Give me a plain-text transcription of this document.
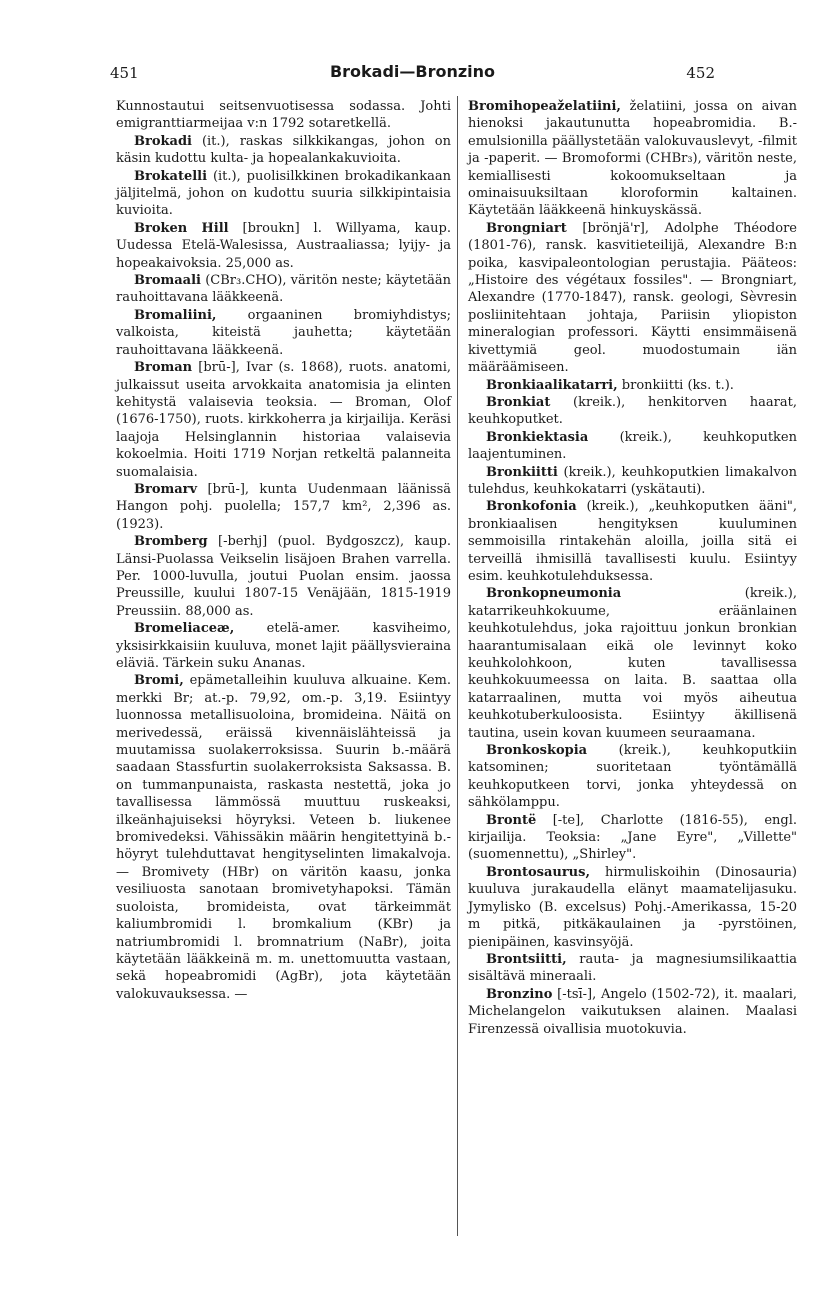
451	Brokadi—Bronzino	452

Kunnostautui seitsenvuotisessa sodassa. Johti emigranttiarmeijaa v:n 1792 sotaretkellä.

Brokadi (it.), raskas silkkikangas, johon on käsin kudottu kulta- ja hopealankakuvioita.

Brokatelli (it.), puolisilkkinen brokadikankaan jäljitelmä, johon on kudottu suuria silkkipintaisia kuvioita.

Broken Hill [broukn] l. Willyama, kaup. Uudessa Etelä-Walesissa, Austraaliassa; lyijy- ja hopeakaivoksia. 25,000 as.

Bromaali (CBr₃.CHO), väritön neste; käytetään rauhoittavana lääkkeenä.

Bromaliini, orgaaninen bromiyhdistys; valkoista, kiteistä jauhetta; käytetään rauhoittavana lääkkeenä.

Broman [brū-], Ivar (s. 1868), ruots. anatomi, julkaissut useita arvokkaita anatomisia ja elinten kehitystä valaisevia teoksia. — Broman, Olof (1676-1750), ruots. kirkkoherra ja kirjailija. Keräsi laajoja Helsinglannin historiaa valaisevia kokoelmia. Hoiti 1719 Norjan retkeltä palanneita suomalaisia.

Bromarv [brū-], kunta Uudenmaan läänissä Hangon pohj. puolella; 157,7 km², 2,396 as. (1923).

Bromberg [-berhj] (puol. Bydgoszcz), kaup. Länsi-Puolassa Veikselin lisäjoen Brahen varrella. Per. 1000-luvulla, joutui Puolan ensim. jaossa Preussille, kuului 1807-15 Venäjään, 1815-1919 Preussiin. 88,000 as.

Bromeliaceæ, etelä-amer. kasviheimo, yksisirkkaisiin kuuluva, monet lajit päällysvieraina eläviä. Tärkein suku Ananas.

Bromi, epämetalleihin kuuluva alkuaine. Kem. merkki Br; at.-p. 79,92, om.-p. 3,19. Esiintyy luonnossa metallisuoloina, bromideina. Näitä on merivedessä, eräissä kivennäislähteissä ja muutamissa suolakerroksissa. Suurin b.-määrä saadaan Stassfurtin suolakerroksista Saksassa. B. on tummanpunaista, raskasta nestettä, joka jo tavallisessa lämmössä muuttuu ruskeaksi, ilkeänhajuiseksi höyryksi. Veteen b. liukenee bromivedeksi. Vähissäkin määrin hengitettyinä b.-höyryt tulehduttavat hengityselinten limakalvoja. — Bromivety (HBr) on väritön kaasu, jonka vesiliuosta sanotaan bromivetyhapoksi. Tämän suoloista, bromideista, ovat tärkeimmät kaliumbromidi l. bromkalium (KBr) ja natriumbromidi l. bromnatrium (NaBr), joita käytetään lääkkeinä m. m. unettomuutta vastaan, sekä hopeabromidi (AgBr), jota käytetään valokuvauksessa. —

Bromihopeaželatiini, želatiini, jossa on aivan hienoksi jakautunutta hopeabromidia. B.-emulsionilla päällystetään valokuvauslevyt, -filmit ja -paperit. — Bromoformi (CHBr₃), väritön neste, kemiallisesti kokoomukseltaan ja ominaisuuksiltaan kloroformin kaltainen. Käytetään lääkkeenä hinkuyskässä.

Brongniart [brönjä'r], Adolphe Théodore (1801-76), ransk. kasvitieteilijä, Alexandre B:n poika, kasvipaleontologian perustajia. Pääteos: „Histoire des végétaux fossiles". — Brongniart, Alexandre (1770-1847), ransk. geologi, Sèvresin posliinitehtaan johtaja, Pariisin yliopiston mineralogian professori. Käytti ensimmäisenä kivettymiä geol. muodostumain iän määräämiseen.

Bronkiaalikatarri, bronkiitti (ks. t.).

Bronkiat (kreik.), henkitorven haarat, keuhkoputket.

Bronkiektasia (kreik.), keuhkoputken laajentuminen.

Bronkiitti (kreik.), keuhkoputkien limakalvon tulehdus, keuhkokatarri (yskätauti).

Bronkofonia (kreik.), „keuhkoputken ääni", bronkiaalisen hengityksen kuuluminen semmoisilla rintakehän aloilla, joilla sitä ei terveillä ihmisillä tavallisesti kuulu. Esiintyy esim. keuhkotulehduksessa.

Bronkopneumonia (kreik.), katarrikeuhkokuume, eräänlainen keuhkotulehdus, joka rajoittuu jonkun bronkian haarantumisalaan eikä ole levinnyt koko keuhkolohkoon, kuten tavallisessa keuhkokuumeessa on laita. B. saattaa olla katarraalinen, mutta voi myös aiheutua keuhkotuberkuloosista. Esiintyy äkillisenä tautina, usein kovan kuumeen seuraamana.

Bronkoskopia (kreik.), keuhkoputkiin katsominen; suoritetaan työntämällä keuhkoputkeen torvi, jonka yhteydessä on sähkölamppu.

Brontë [-te], Charlotte (1816-55), engl. kirjailija. Teoksia: „Jane Eyre", „Villette" (suomennettu), „Shirley".

Brontosaurus, hirmuliskoihin (Dinosauria) kuuluva jurakaudella elänyt maamatelijasuku. Jymylisko (B. excelsus) Pohj.-Amerikassa, 15-20 m pitkä, pitkäkaulainen ja -pyrstöinen, pienipäinen, kasvinsyöjä.

Brontsiitti, rauta- ja magnesiumsilikaattia sisältävä mineraali.

Bronzino [-tsī-], Angelo (1502-72), it. maalari, Michelangelon vaikutuksen alainen. Maalasi Firenzessä oivallisia muotokuvia.
